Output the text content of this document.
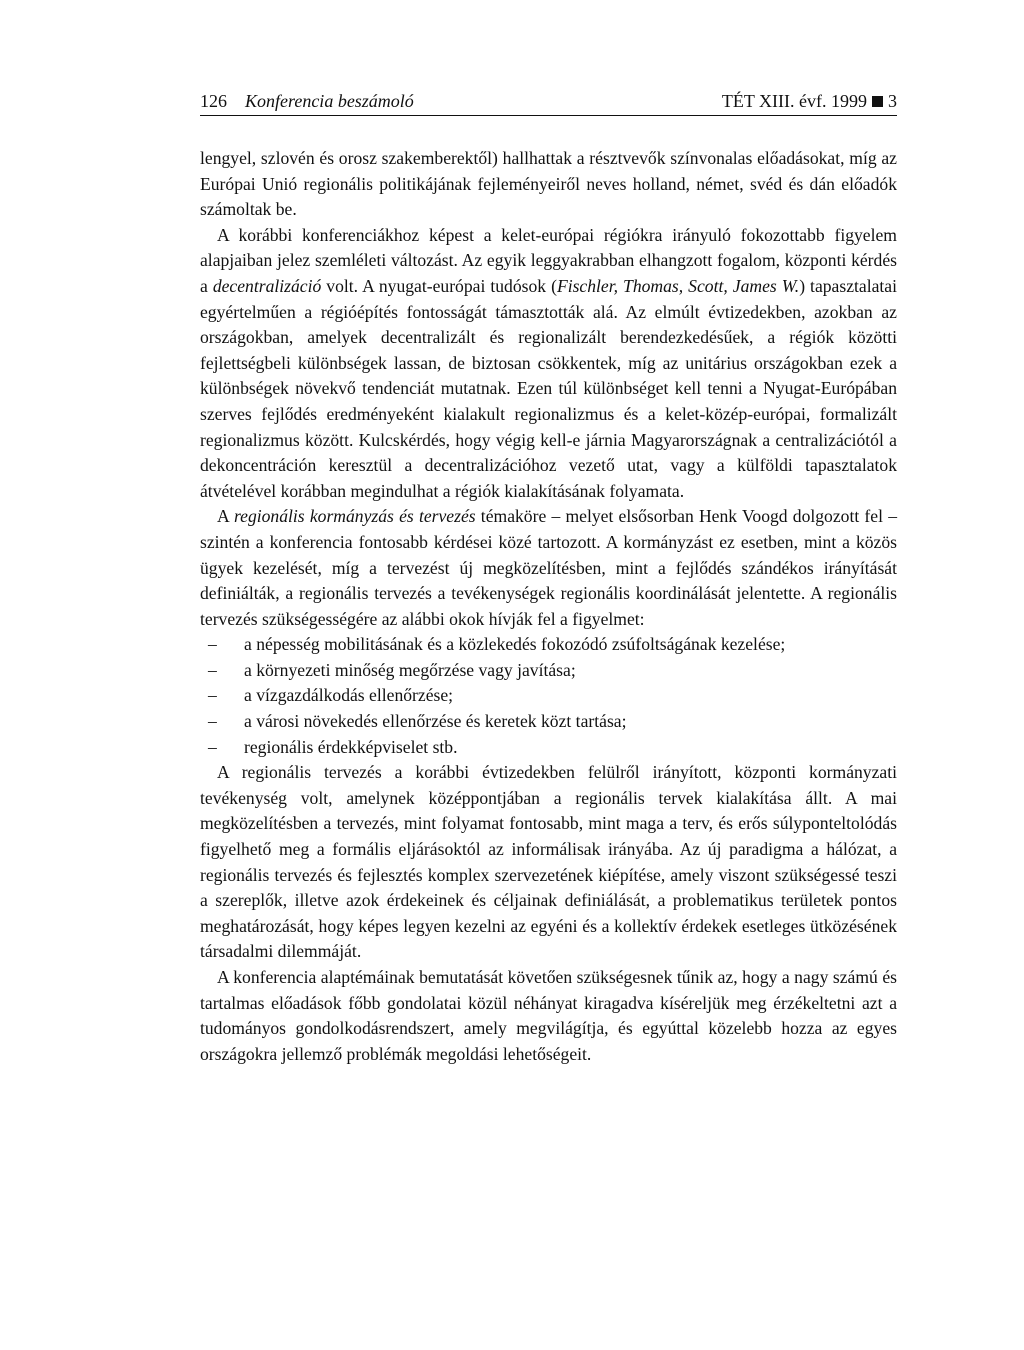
126 Konferencia beszámoló	TÉT XIII. évf. 1999 3

lengyel, szlovén és orosz szakemberektől) hallhattak a résztvevők színvonalas előadásokat, míg az Európai Unió regionális politikájának fejleményeiről neves holland, német, svéd és dán előadók számoltak be.

A korábbi konferenciákhoz képest a kelet-európai régiókra irányuló fokozottabb figyelem alapjaiban jelez szemléleti változást. Az egyik leggyakrabban elhangzott fogalom, központi kérdés a decentralizáció volt. A nyugat-európai tudósok (Fischler, Thomas, Scott, James W.) tapasztalatai egyértelműen a régióépítés fontosságát támasztották alá. Az elmúlt évtizedekben, azokban az országokban, amelyek decentralizált és regionalizált berendezkedésűek, a régiók közötti fejlettségbeli különbségek lassan, de biztosan csökkentek, míg az unitárius országokban ezek a különbségek növekvő tendenciát mutatnak. Ezen túl különbséget kell tenni a Nyugat-Európában szerves fejlődés eredményeként kialakult regionalizmus és a kelet-közép-európai, formalizált regionalizmus között. Kulcskérdés, hogy végig kell-e járnia Magyarországnak a centralizációtól a dekoncentráción keresztül a decentralizációhoz vezető utat, vagy a külföldi tapasztalatok átvételével korábban megindulhat a régiók kialakításának folyamata.

A regionális kormányzás és tervezés témaköre – melyet elsősorban Henk Voogd dolgozott fel – szintén a konferencia fontosabb kérdései közé tartozott. A kormányzást ez esetben, mint a közös ügyek kezelését, míg a tervezést új megközelítésben, mint a fejlődés szándékos irányítását definiálták, a regionális tervezés a tevékenységek regionális koordinálását jelentette. A regionális tervezés szükségességére az alábbi okok hívják fel a figyelmet:

– a népesség mobilitásának és a közlekedés fokozódó zsúfoltságának kezelése;
– a környezeti minőség megőrzése vagy javítása;
– a vízgazdálkodás ellenőrzése;
– a városi növekedés ellenőrzése és keretek közt tartása;
– regionális érdekképviselet stb.

A regionális tervezés a korábbi évtizedekben felülről irányított, központi kormányzati tevékenység volt, amelynek középpontjában a regionális tervek kialakítása állt. A mai megközelítésben a tervezés, mint folyamat fontosabb, mint maga a terv, és erős súlyponteltolódás figyelhető meg a formális eljárásoktól az informálisak irányába. Az új paradigma a hálózat, a regionális tervezés és fejlesztés komplex szervezetének kiépítése, amely viszont szükségessé teszi a szereplők, illetve azok érdekeinek és céljainak definiálását, a problematikus területek pontos meghatározását, hogy képes legyen kezelni az egyéni és a kollektív érdekek esetleges ütközésének társadalmi dilemmáját.

A konferencia alaptémáinak bemutatását követően szükségesnek tűnik az, hogy a nagy számú és tartalmas előadások főbb gondolatai közül néhányat kiragadva kíséreljük meg érzékeltetni azt a tudományos gondolkodásrendszert, amely megvilágítja, és egyúttal közelebb hozza az egyes országokra jellemző problémák megoldási lehetőségeit.
